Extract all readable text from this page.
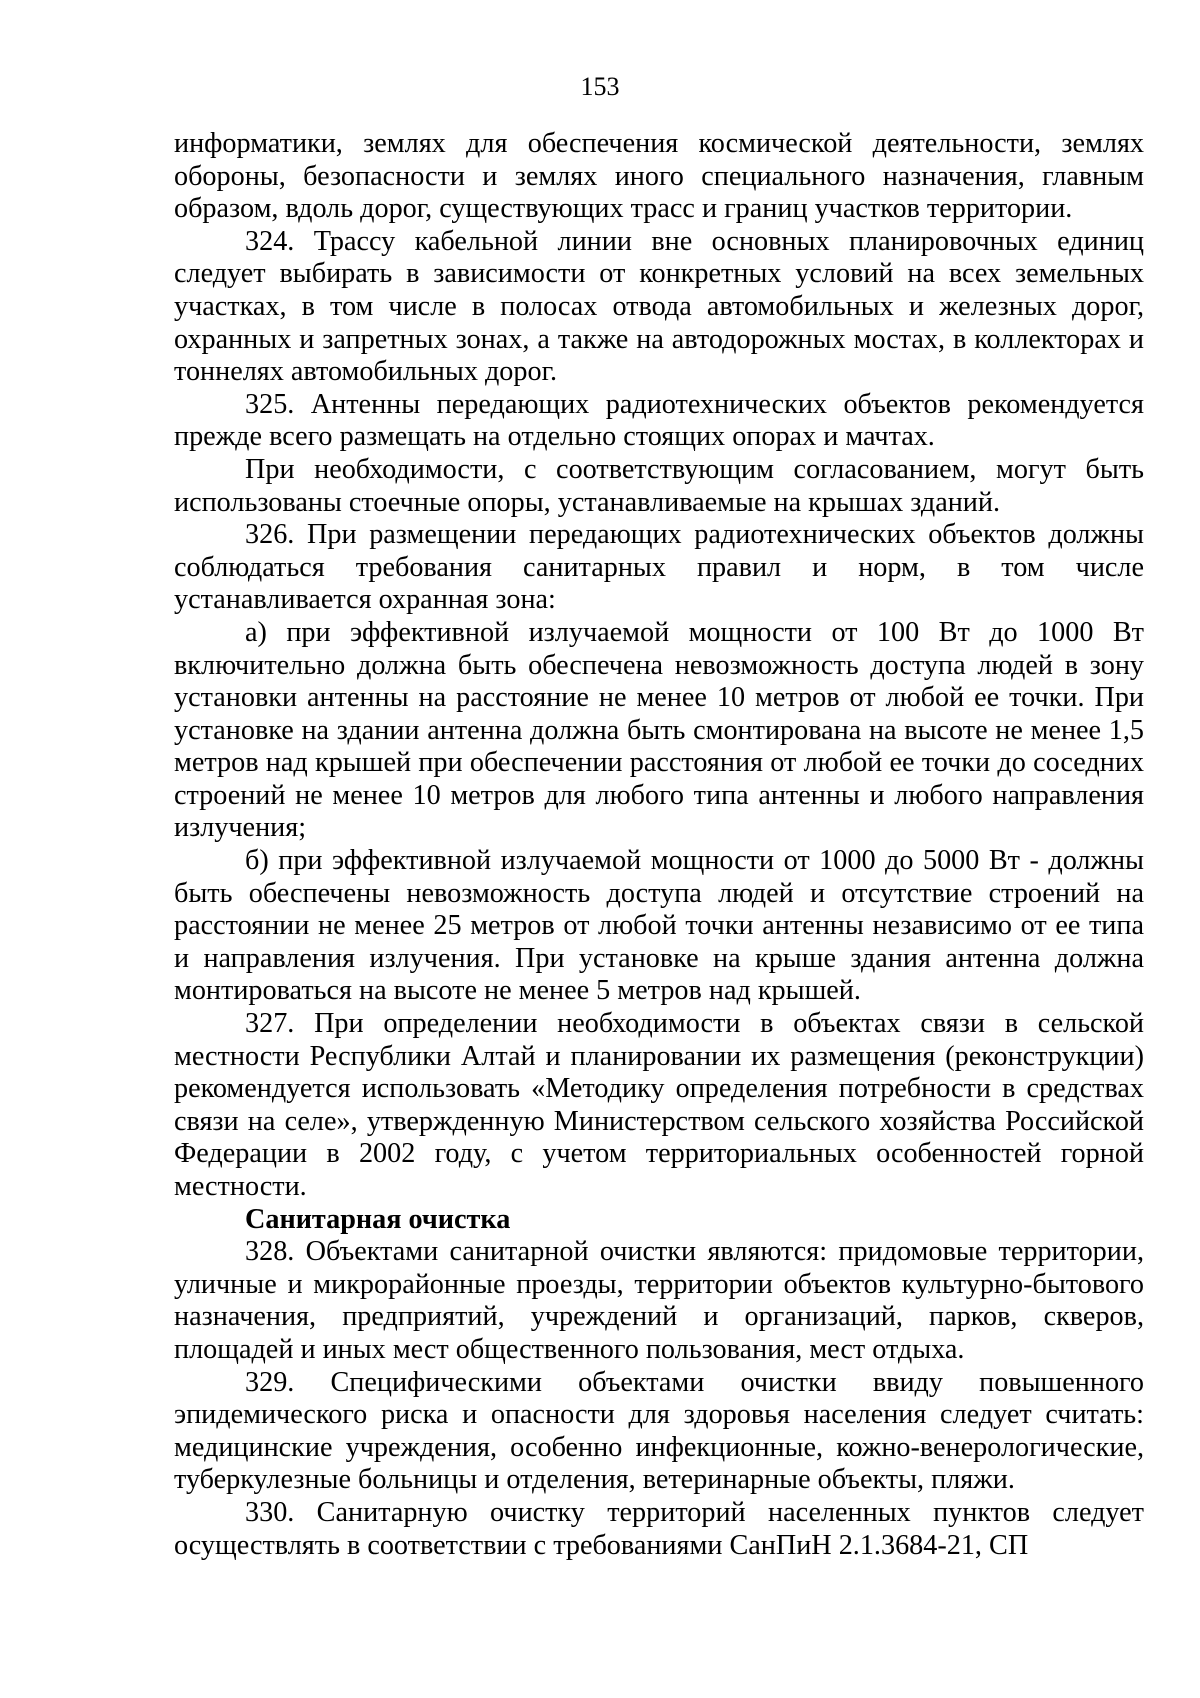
153

информатики, землях для обеспечения космической деятельности, землях обороны, безопасности и землях иного специального назначения, главным образом, вдоль дорог, существующих трасс и границ участков территории.

324. Трассу кабельной линии вне основных планировочных единиц следует выбирать в зависимости от конкретных условий на всех земельных участках, в том числе в полосах отвода автомобильных и железных дорог, охранных и запретных зонах, а также на автодорожных мостах, в коллекторах и тоннелях автомобильных дорог.

325. Антенны передающих радиотехнических объектов рекомендуется прежде всего размещать на отдельно стоящих опорах и мачтах.

При необходимости, с соответствующим согласованием, могут быть использованы стоечные опоры, устанавливаемые на крышах зданий.

326. При размещении передающих радиотехнических объектов должны соблюдаться требования санитарных правил и норм, в том числе устанавливается охранная зона:

а) при эффективной излучаемой мощности от 100 Вт до 1000 Вт включительно должна быть обеспечена невозможность доступа людей в зону установки антенны на расстояние не менее 10 метров от любой ее точки. При установке на здании антенна должна быть смонтирована на высоте не менее 1,5 метров над крышей при обеспечении расстояния от любой ее точки до соседних строений не менее 10 метров для любого типа антенны и любого направления излучения;

б) при эффективной излучаемой мощности от 1000 до 5000 Вт - должны быть обеспечены невозможность доступа людей и отсутствие строений на расстоянии не менее 25 метров от любой точки антенны независимо от ее типа и направления излучения. При установке на крыше здания антенна должна монтироваться на высоте не менее 5 метров над крышей.

327. При определении необходимости в объектах связи в сельской местности Республики Алтай и планировании их размещения (реконструкции) рекомендуется использовать «Методику определения потребности в средствах связи на селе», утвержденную Министерством сельского хозяйства Российской Федерации в 2002 году, с учетом территориальных особенностей горной местности.

Санитарная очистка

328. Объектами санитарной очистки являются: придомовые территории, уличные и микрорайонные проезды, территории объектов культурно-бытового назначения, предприятий, учреждений и организаций, парков, скверов, площадей и иных мест общественного пользования, мест отдыха.

329. Специфическими объектами очистки ввиду повышенного эпидемического риска и опасности для здоровья населения следует считать: медицинские учреждения, особенно инфекционные, кожно-венерологические, туберкулезные больницы и отделения, ветеринарные объекты, пляжи.

330. Санитарную очистку территорий населенных пунктов следует осуществлять в соответствии с требованиями СанПиН 2.1.3684-21, СП
